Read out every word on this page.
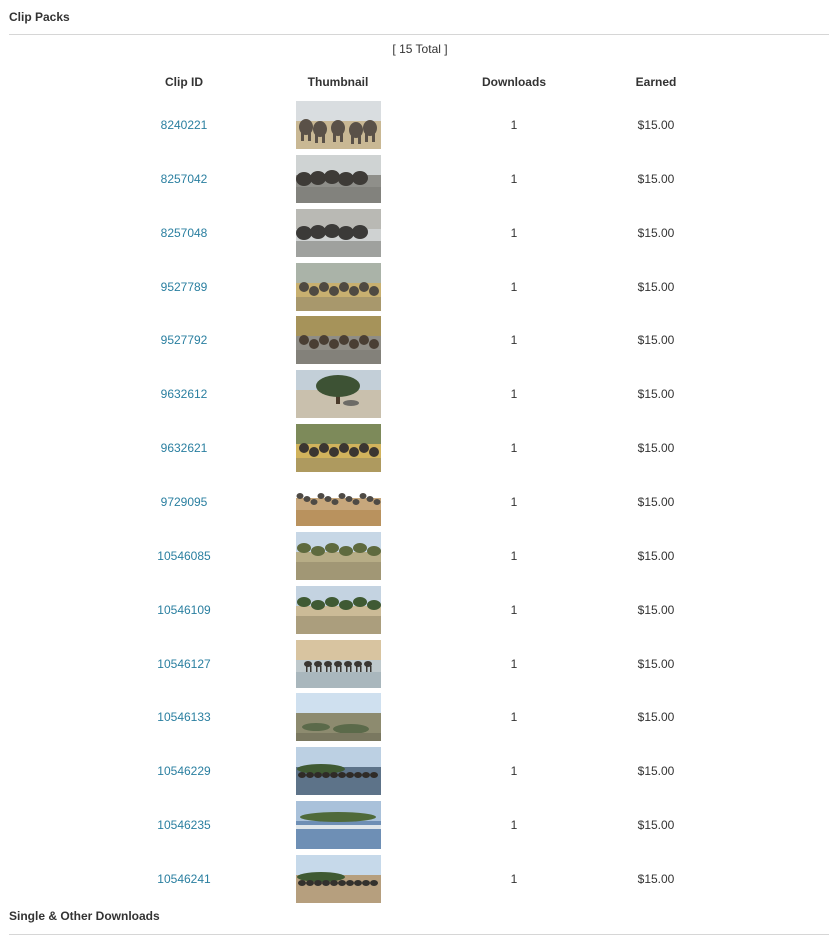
Clip Packs
[ 15 Total ]
Clip ID	Thumbnail	Downloads	Earned
8240221	1	$15.00
8257042	1	$15.00
8257048	1	$15.00
9527789	1	$15.00
9527792	1	$15.00
9632612	1	$15.00
9632621	1	$15.00
9729095	1	$15.00
10546085	1	$15.00
10546109	1	$15.00
10546127	1	$15.00
10546133	1	$15.00
10546229	1	$15.00
10546235	1	$15.00
10546241	1	$15.00
Single & Other Downloads
